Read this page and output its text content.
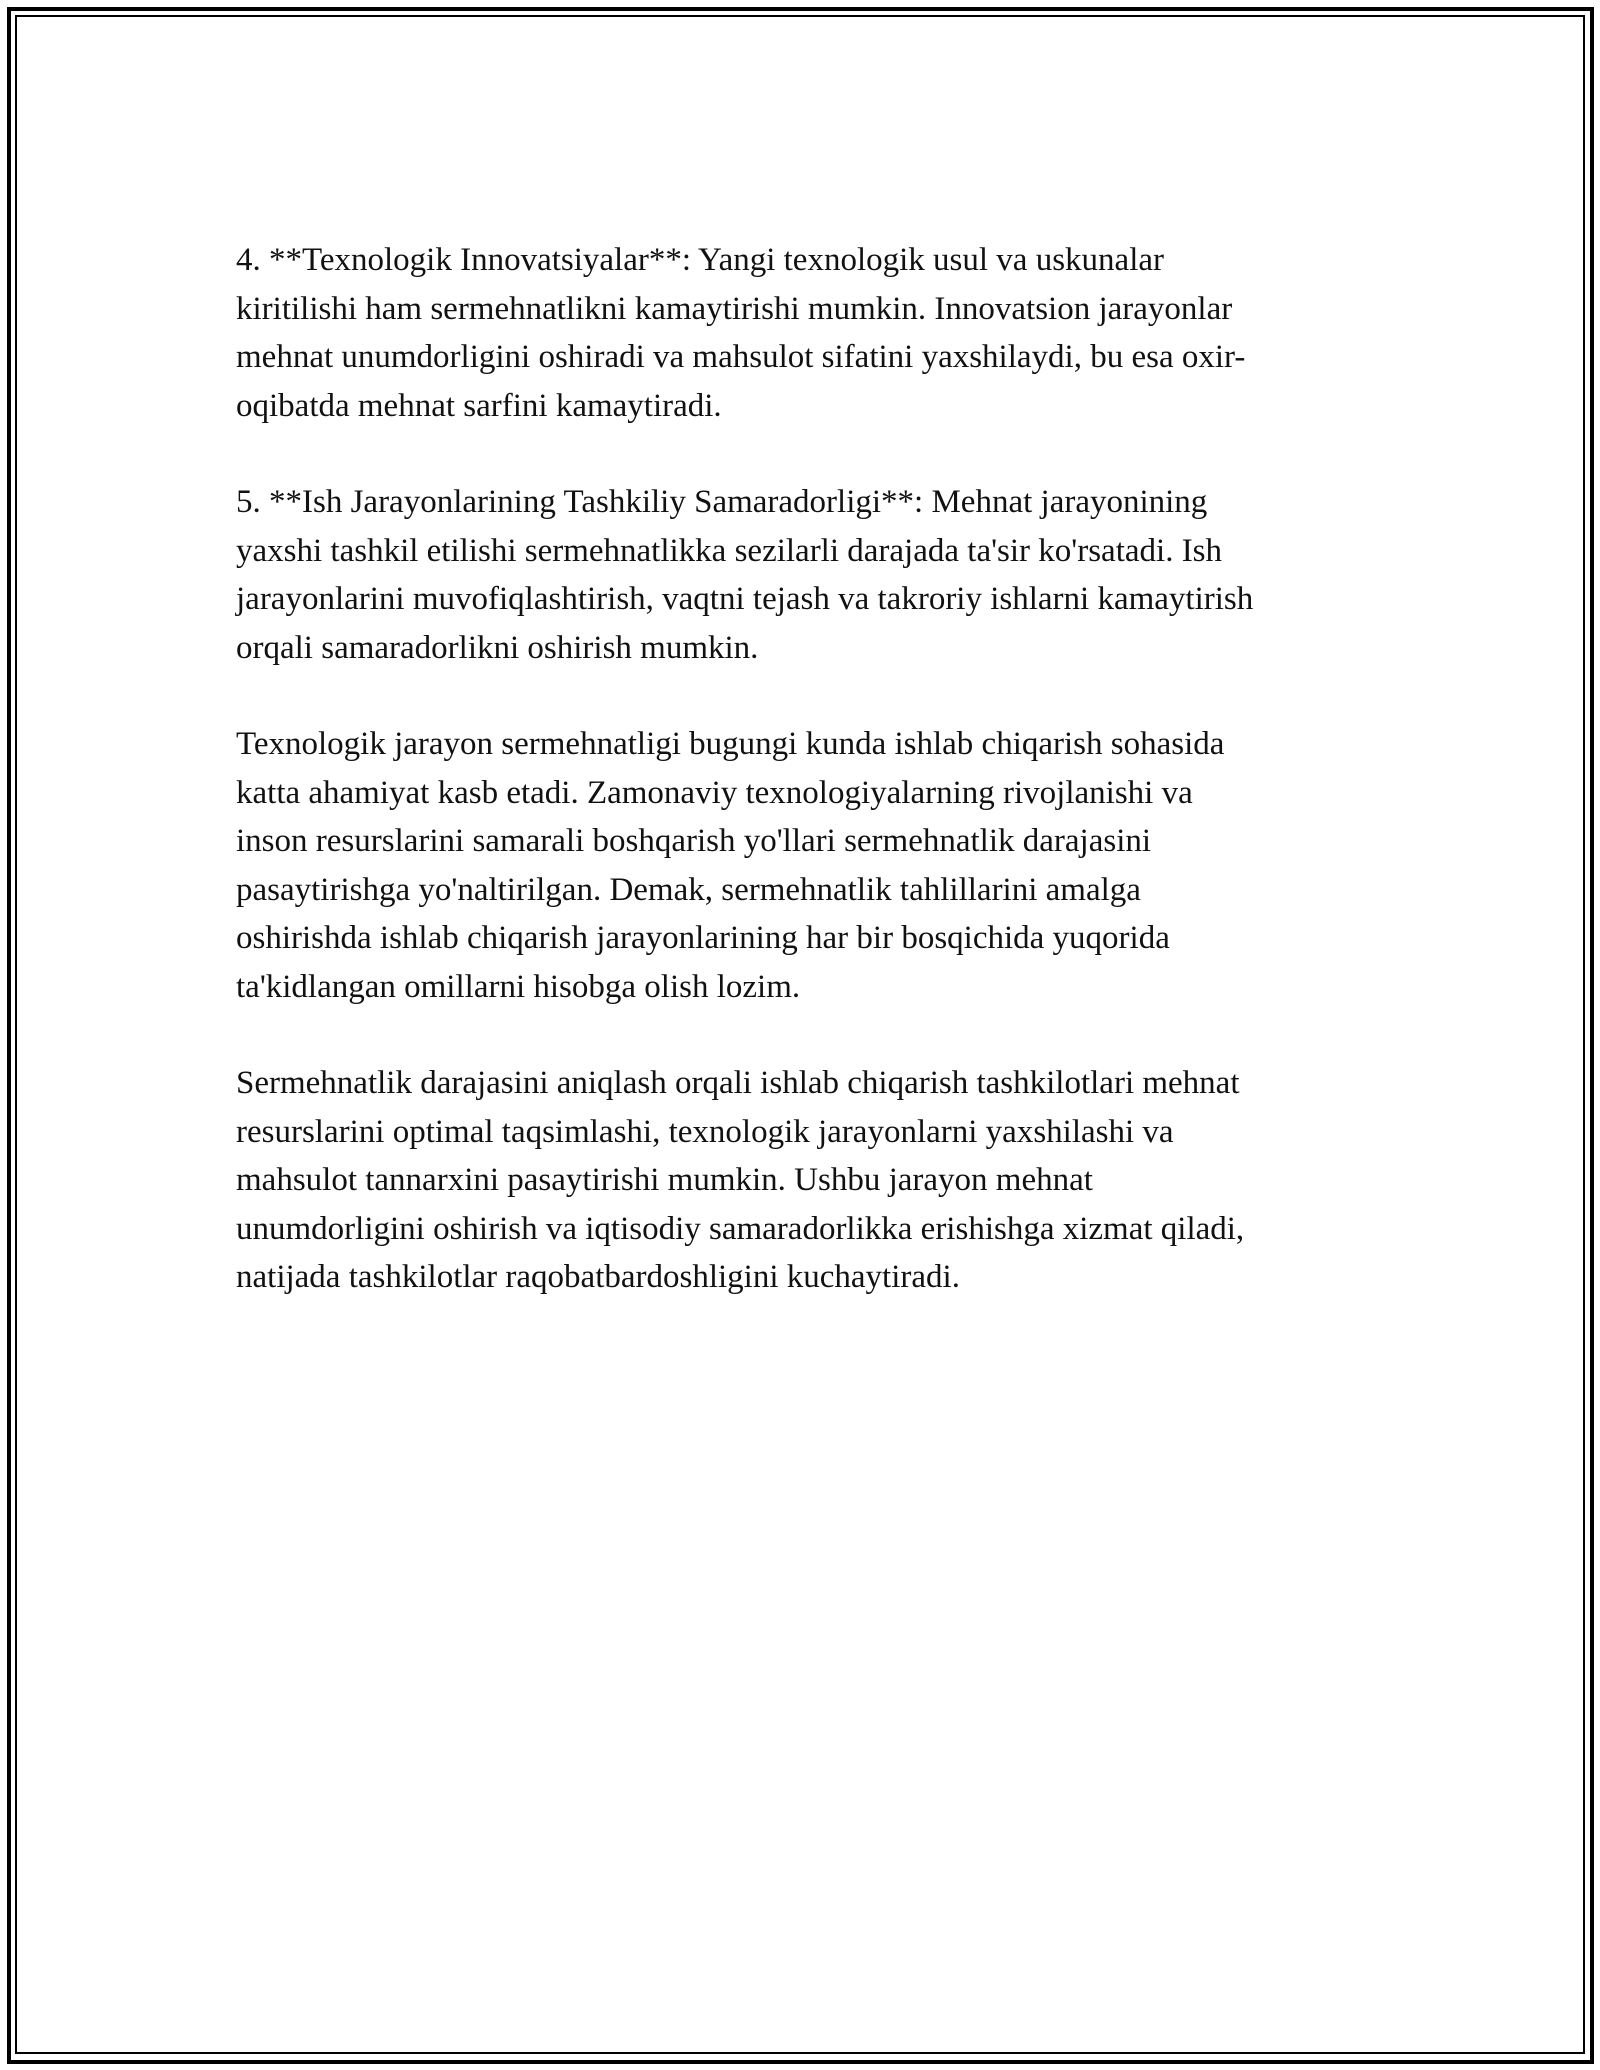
4. **Texnologik Innovatsiyalar**: Yangi texnologik usul va uskunalar
kiritilishi ham sermehnatlikni kamaytirishi mumkin. Innovatsion jarayonlar
mehnat unumdorligini oshiradi va mahsulot sifatini yaxshilaydi, bu esa oxir-
oqibatda mehnat sarfini kamaytiradi.

5. **Ish Jarayonlarining Tashkiliy Samaradorligi**: Mehnat jarayonining
yaxshi tashkil etilishi sermehnatlikka sezilarli darajada ta'sir ko'rsatadi. Ish
jarayonlarini muvofiqlashtirish, vaqtni tejash va takroriy ishlarni kamaytirish
orqali samaradorlikni oshirish mumkin.

Texnologik jarayon sermehnatligi bugungi kunda ishlab chiqarish sohasida
katta ahamiyat kasb etadi. Zamonaviy texnologiyalarning rivojlanishi va
inson resurslarini samarali boshqarish yo'llari sermehnatlik darajasini
pasaytirishga yo'naltirilgan. Demak, sermehnatlik tahlillarini amalga
oshirishda ishlab chiqarish jarayonlarining har bir bosqichida yuqorida
ta'kidlangan omillarni hisobga olish lozim.

Sermehnatlik darajasini aniqlash orqali ishlab chiqarish tashkilotlari mehnat
resurslarini optimal taqsimlashi, texnologik jarayonlarni yaxshilashi va
mahsulot tannarxini pasaytirishi mumkin. Ushbu jarayon mehnat
unumdorligini oshirish va iqtisodiy samaradorlikka erishishga xizmat qiladi,
natijada tashkilotlar raqobatbardoshligini kuchaytiradi.
